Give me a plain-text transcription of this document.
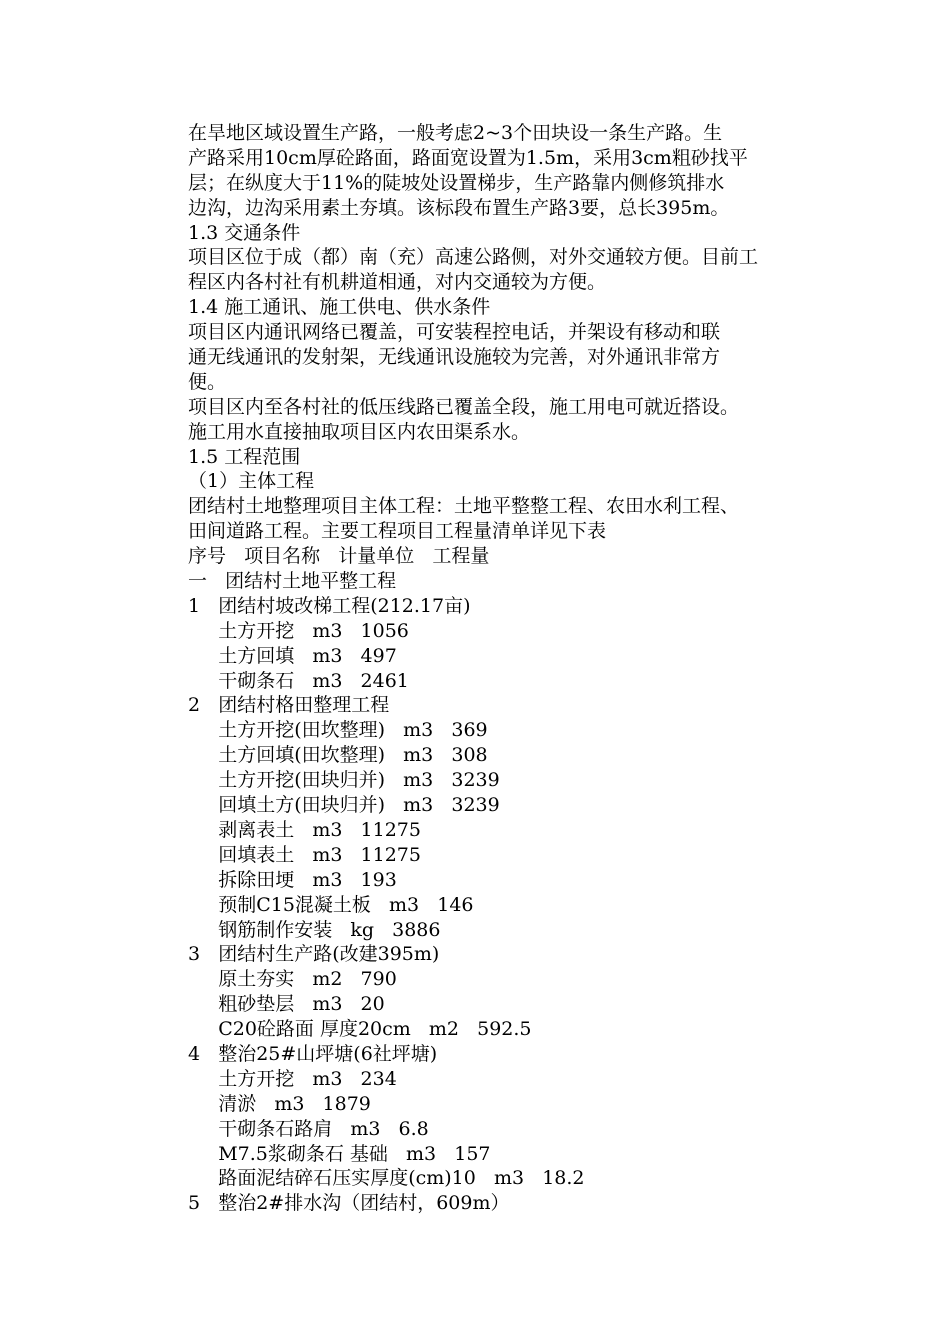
在旱地区域设置生产路，一般考虑2~3个田块设一条生产路。生
产路采用10cm厚砼路面，路面宽设置为1.5m，采用3cm粗砂找平
层；在纵度大于11%的陡坡处设置梯步，生产路靠内侧修筑排水
边沟，边沟采用素土夯填。该标段布置生产路3要，总长395m。
1.3 交通条件
项目区位于成（都）南（充）高速公路侧，对外交通较方便。目前工
程区内各村社有机耕道相通，对内交通较为方便。
1.4 施工通讯、施工供电、供水条件
项目区内通讯网络已覆盖，可安装程控电话，并架设有移动和联
通无线通讯的发射架，无线通讯设施较为完善，对外通讯非常方
便。
项目区内至各村社的低压线路已覆盖全段，施工用电可就近搭设。
施工用水直接抽取项目区内农田渠系水。
1.5 工程范围
（1）主体工程
团结村土地整理项目主体工程：土地平整整工程、农田水利工程、
田间道路工程。主要工程项目工程量清单详见下表
序号   项目名称   计量单位   工程量
一   团结村土地平整工程
1   团结村坡改梯工程(212.17亩)
土方开挖   m3   1056
土方回填   m3   497
干砌条石   m3   2461
2   团结村格田整理工程
土方开挖(田坎整理)   m3   369
土方回填(田坎整理)   m3   308
土方开挖(田块归并)   m3   3239
回填土方(田块归并)   m3   3239
剥离表土   m3   11275
回填表土   m3   11275
拆除田埂   m3   193
预制C15混凝土板   m3   146
钢筋制作安装   kg   3886
3   团结村生产路(改建395m)
原土夯实   m2   790
粗砂垫层   m3   20
C20砼路面 厚度20cm   m2   592.5
4   整治25#山坪塘(6社坪塘)
土方开挖   m3   234
清淤   m3   1879
干砌条石路肩   m3   6.8
M7.5浆砌条石 基础   m3   157
路面泥结碎石压实厚度(cm)10   m3   18.2
5   整治2#排水沟（团结村，609m）
